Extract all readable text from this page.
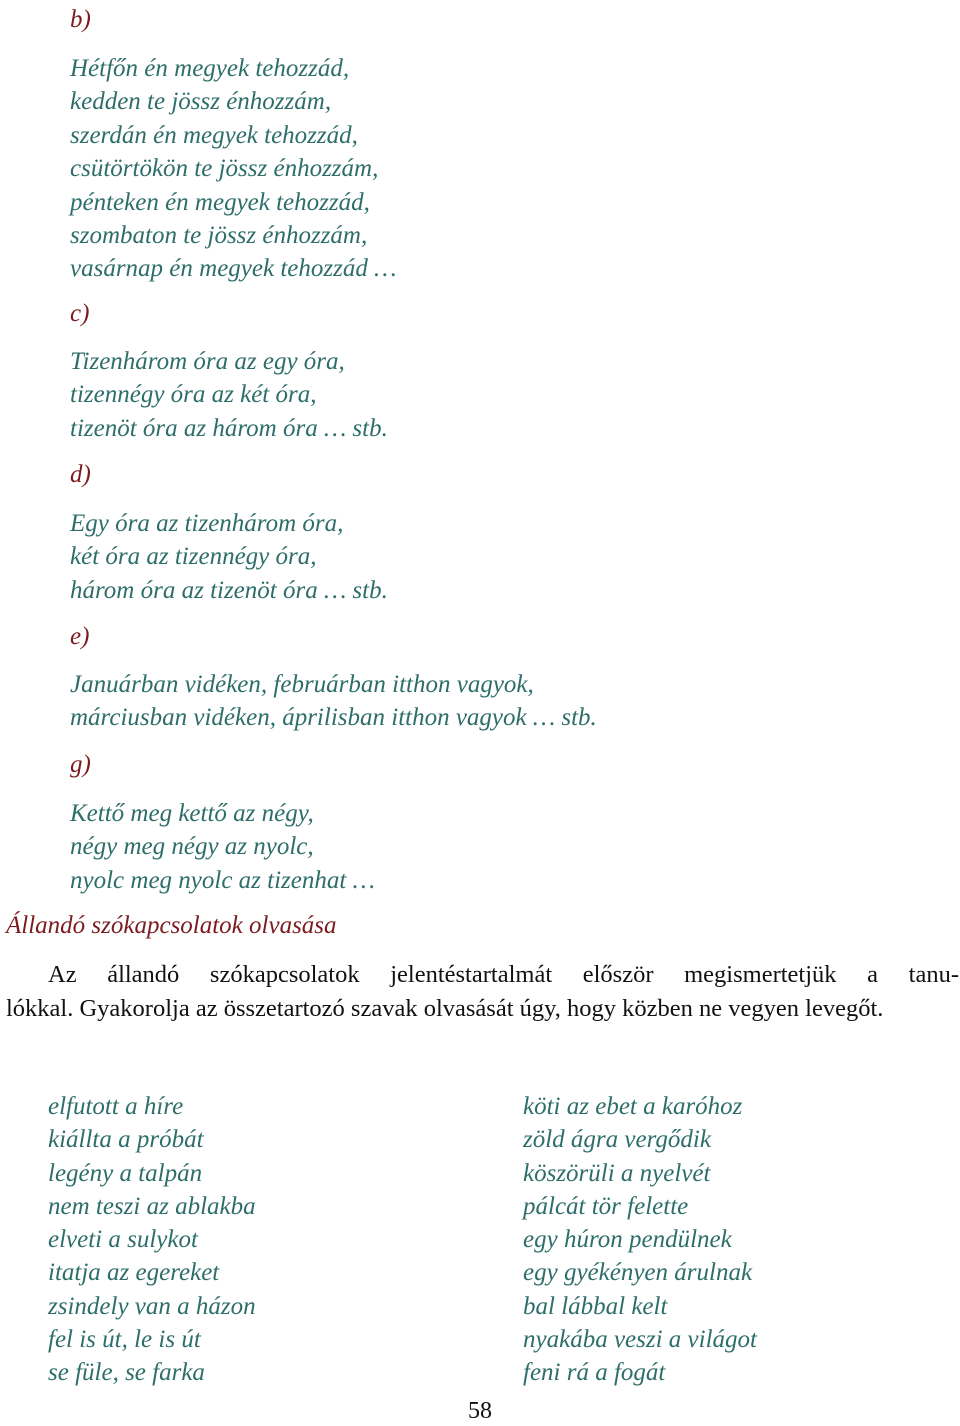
b)
Hétfőn én megyek tehozzád,
kedden te jössz énhozzám,
szerdán én megyek tehozzád,
csütörtökön te jössz énhozzám,
pénteken én megyek tehozzád,
szombaton te jössz énhozzám,
vasárnap én megyek tehozzád …
c)
Tizenhárom óra az egy óra,
tizennégy óra az két óra,
tizenöt óra az három óra … stb.
d)
Egy óra az tizenhárom óra,
két óra az tizennégy óra,
három óra az tizenöt óra … stb.
e)
Januárban vidéken, februárban itthon vagyok,
márciusban vidéken, áprilisban itthon vagyok … stb.
g)
Kettő meg kettő az négy,
négy meg négy az nyolc,
nyolc meg nyolc az tizenhat …
Állandó szókapcsolatok olvasása

Az állandó szókapcsolatok jelentéstartalmát először megismertetjük a tanu-

lókkal. Gyakorolja az összetartozó szavak olvasását úgy, hogy közben ne vegyen levegőt.

elfutott a híre
kiállta a próbát
legény a talpán
nem teszi az ablakba
elveti a sulykot
itatja az egereket
zsindely van a házon
fel is út, le is út
se füle, se farka
köti az ebet a karóhoz
zöld ágra vergődik
köszörüli a nyelvét
pálcát tör felette
egy húron pendülnek
egy gyékényen árulnak
bal lábbal kelt
nyakába veszi a világot
feni rá a fogát
58
